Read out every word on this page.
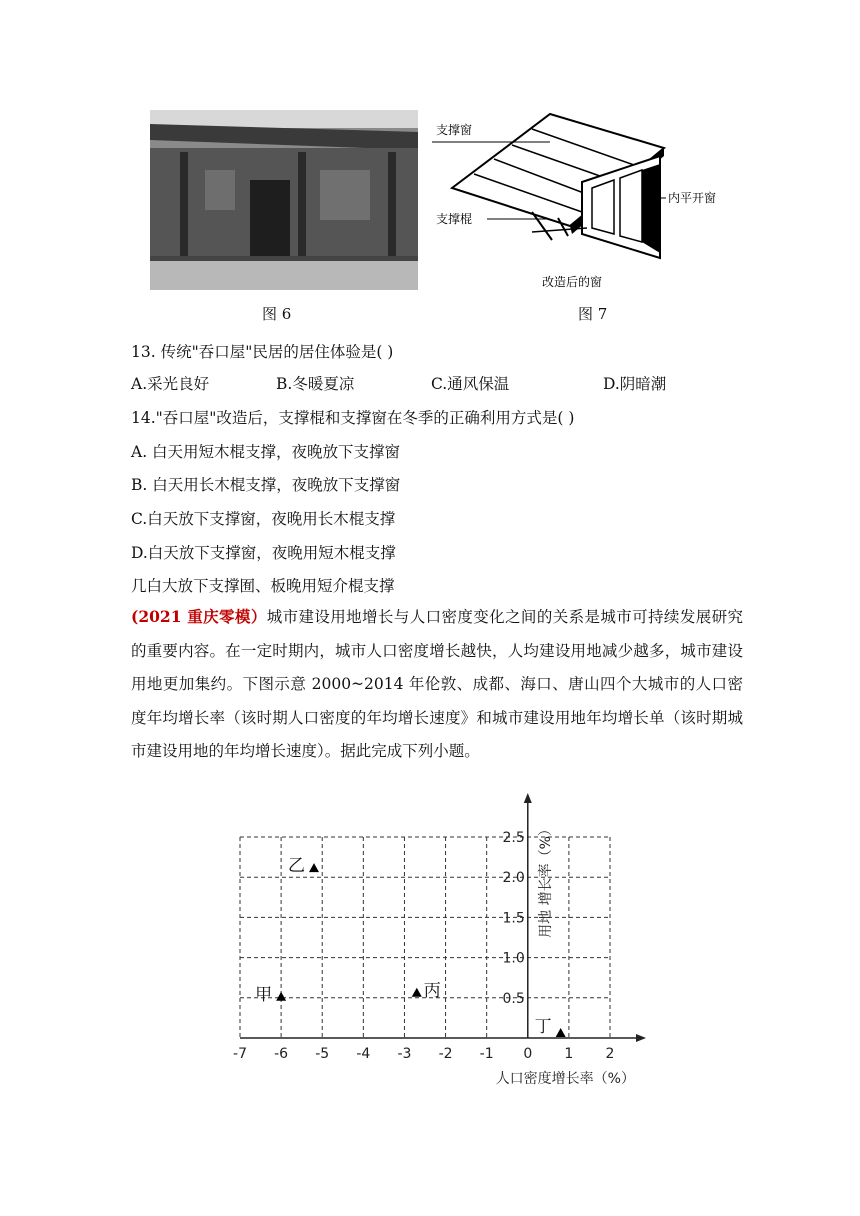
支撑窗
支撑棍
内平开窗
改造后的窗
图 6	图 7
13. 传统"吞口屋"民居的居住体验是( )
A.采光良好	B.冬暖夏凉	C.通风保温	D.阴暗潮
14."吞口屋"改造后，支撑棍和支撑窗在冬季的正确利用方式是( )
A. 白天用短木棍支撑，夜晚放下支撑窗
B. 白天用长木棍支撑，夜晚放下支撑窗
C.白天放下支撑窗，夜晚用长木棍支撑
D.白天放下支撑窗，夜晚用短木棍支撑
几白大放下支撑囿、板晚用短介棍支撑
(2021 重庆零模）城市建设用地增长与人口密度变化之间的关系是城市可持续发展研究的重要内容。在一定时期内，城市人口密度增长越快，人均建设用地减少越多，城市建设用地更加集约。下图示意 2000~2014 年伦敦、成都、海口、唐山四个大城市的人口密度年均增长率（该时期人口密度的年均增长速度》和城市建设用地年均增长单（该时期城市建设用地的年均增长速度）。据此完成下列小题。
-7 -6 -5 -4 -3 -2 -1 0 1 2
0.5
1.0
1.5
2.0
2.5
人口密度增长率（%）
用地 增长率（%）
甲
乙
丙
丁
